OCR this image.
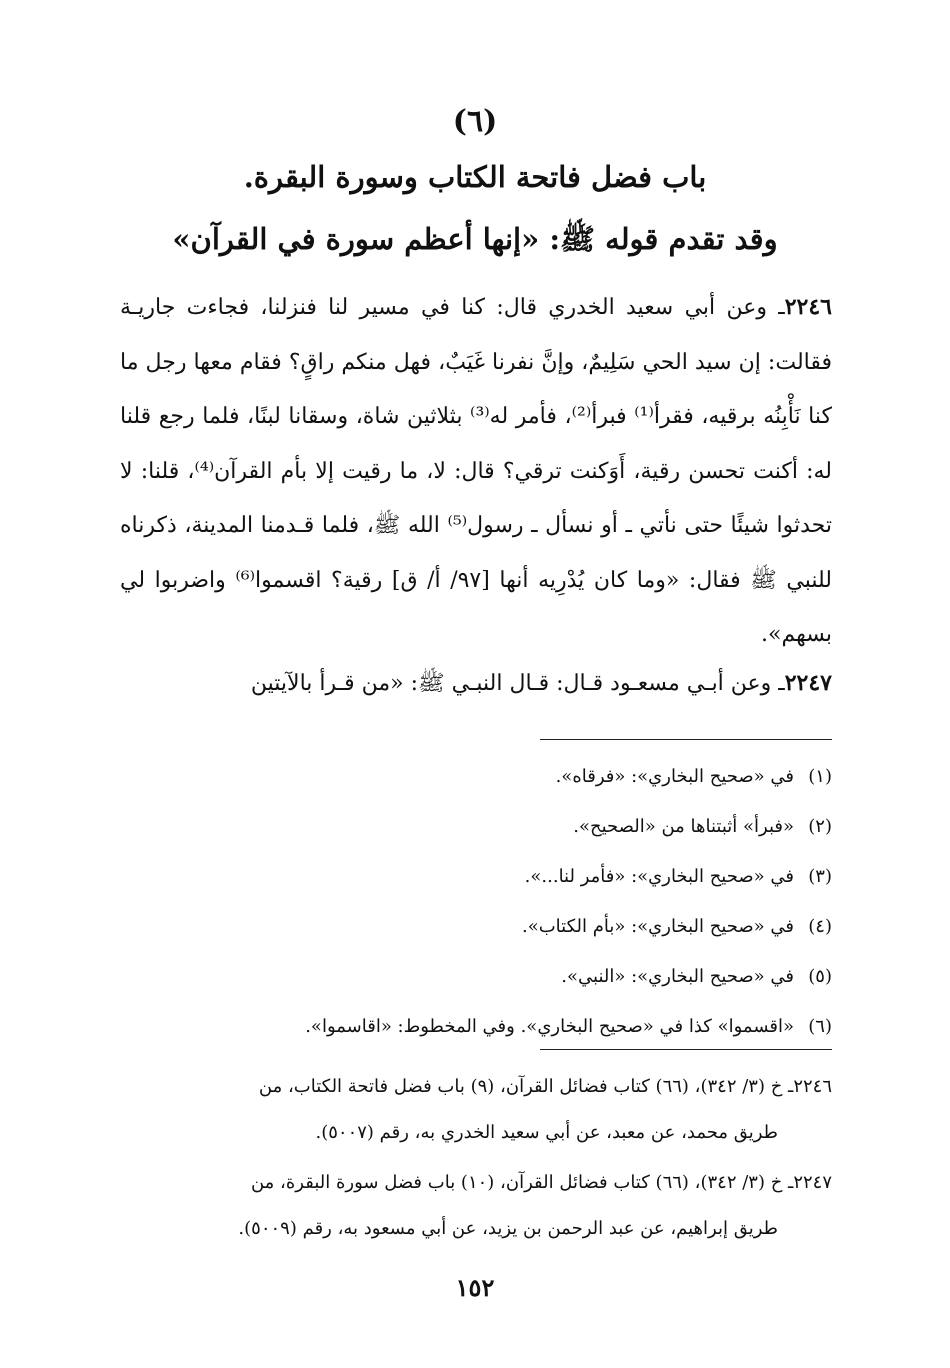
(٦)
باب فضل فاتحة الكتاب وسورة البقرة.
وقد تقدم قوله ﷺ: «إنها أعظم سورة في القرآن»
٢٢٤٦ـ وعن أبي سعيد الخدري قال: كنا في مسير لنا فنزلنا، فجاءت جاريـة فقالت: إن سيد الحي سَلِيمٌ، وإنَّ نفرنا غَيَبٌ، فهل منكم راقٍ؟ فقام معها رجل ما كنا نَأْبِنُه برقيه، فقرأ⁽¹⁾ فبرأ⁽²⁾، فأمر له⁽³⁾ بثلاثين شاة، وسقانا لبنًا، فلما رجع قلنا له: أكنت تحسن رقية، أَوَكنت ترقي؟ قال: لا، ما رقيت إلا بأم القرآن⁽⁴⁾، قلنا: لا تحدثوا شيئًا حتى نأتي ـ أو نسأل ـ رسول⁽⁵⁾ الله ﷺ، فلما قـدمنا المدينة، ذكرناه للنبي ﷺ فقال: «وما كان يُدْرِيه أنها [٩٧/ أ/ ق] رقية؟ اقسموا⁽⁶⁾ واضربوا لي بسهم».
٢٢٤٧ـ وعن أبـي مسعـود قـال: قـال النبـي ﷺ: «من قـرأ بالآيتين
(١)في «صحيح البخاري»: «فرقاه».
(٢)«فبرأ» أثبتناها من «الصحيح».
(٣)في «صحيح البخاري»: «فأمر لنا...».
(٤)في «صحيح البخاري»: «بأم الكتاب».
(٥)في «صحيح البخاري»: «النبي».
(٦)«اقسموا» كذا في «صحيح البخاري». وفي المخطوط: «اقاسموا».

٢٢٤٦ـ خ (٣/ ٣٤٢)، (٦٦) كتاب فضائل القرآن، (٩) باب فضل فاتحة الكتاب، من
طريق محمد، عن معبد، عن أبي سعيد الخدري به، رقم (٥٠٠٧).

٢٢٤٧ـ خ (٣/ ٣٤٢)، (٦٦) كتاب فضائل القرآن، (١٠) باب فضل سورة البقرة، من
طريق إبراهيم، عن عبد الرحمن بن يزيد، عن أبي مسعود به، رقم (٥٠٠٩).

١٥٢
